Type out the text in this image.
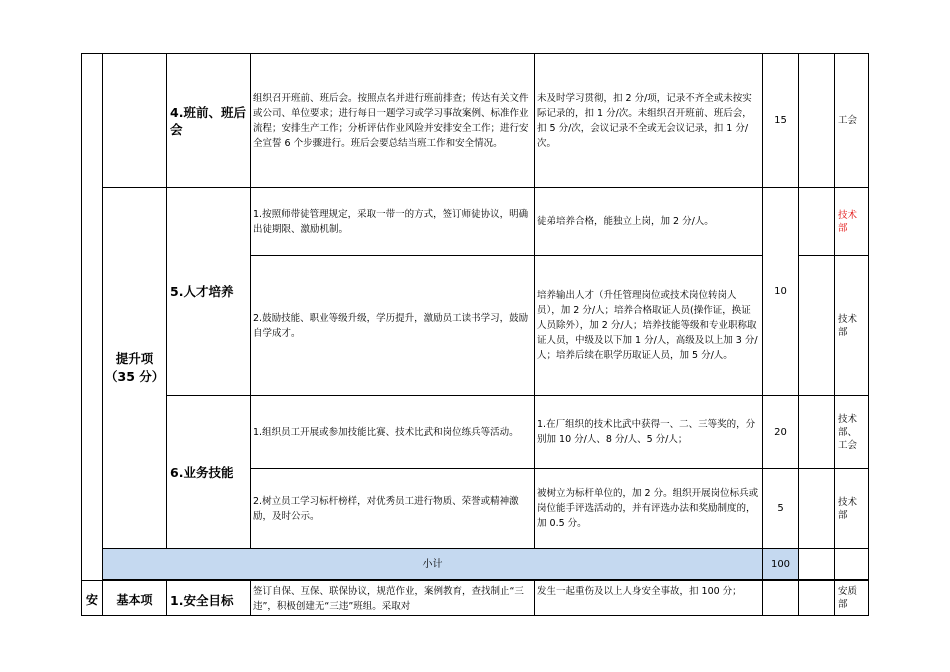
		4.班前、班后会	组织召开班前、班后会。按照点名并进行班前排查；传达有关文件或公司、单位要求；进行每日一题学习或学习事故案例、标准作业流程；安排生产工作；分析评估作业风险并安排安全工作；进行安全宣誓 6 个步骤进行。班后会要总结当班工作和安全情况。	未及时学习贯彻，扣 2 分/项，记录不齐全或未按实际记录的，扣 1 分/次。未组织召开班前、班后会，扣 5 分/次，会议记录不全或无会议记录，扣 1 分/次。	15		工会
	提升项（35 分）	5.人才培养	1.按照师带徒管理规定，采取一带一的方式，签订师徒协议，明确出徒期限、激励机制。	徒弟培养合格，能独立上岗，加 2 分/人。	10		技术部
			2.鼓励技能、职业等级升级，学历提升，激励员工读书学习，鼓励自学成才。	培养输出人才（升任管理岗位或技术岗位转岗人员），加 2 分/人；培养合格取证人员(操作证，换证人员除外），加 2 分/人；培养技能等级和专业职称取证人员，中级及以下加 1 分/人，高级及以上加 3 分/人；培养后续在职学历取证人员，加 5 分/人。			技术部
		6.业务技能	1.组织员工开展或参加技能比赛、技术比武和岗位练兵等活动。	1.在厂组织的技术比武中获得一、二、三等奖的，分别加 10 分/人、8 分/人、5 分/人；	20		技术部、工会
			2.树立员工学习标杆榜样，对优秀员工进行物质、荣誉或精神激励，及时公示。	被树立为标杆单位的，加 2 分。组织开展岗位标兵或岗位能手评选活动的，并有评选办法和奖励制度的，加 0.5 分。	5		技术部
	小计				100		

安	基本项	1.安全目标	签订自保、互保、联保协议，规范作业，案例教育，查找制止“三违”，积极创建无“三违”班组。采取对	发生一起重伤及以上人身安全事故，扣 100 分；			安质部
